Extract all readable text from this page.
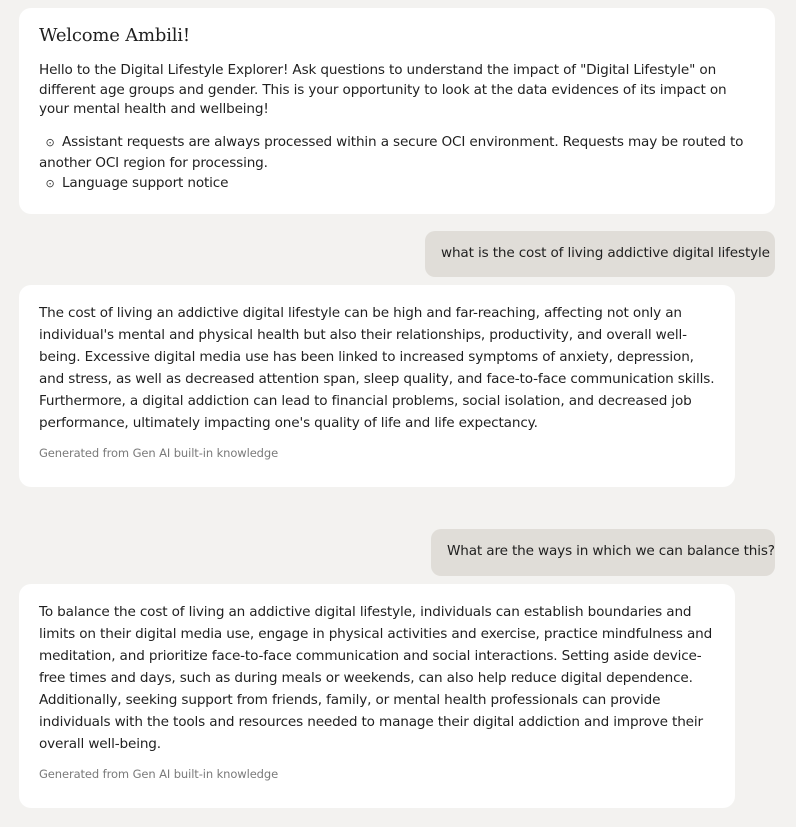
Welcome Ambili!

Hello to the Digital Lifestyle Explorer! Ask questions to understand the impact of "Digital Lifestyle" on different age groups and gender. This is your opportunity to look at the data evidences of its impact on your mental health and wellbeing!

⊙ Assistant requests are always processed within a secure OCI environment. Requests may be routed to another OCI region for processing.

⊙ Language support notice

what is the cost of living addictive digital lifestyle

The cost of living an addictive digital lifestyle can be high and far-reaching, affecting not only an individual's mental and physical health but also their relationships, productivity, and overall well-being. Excessive digital media use has been linked to increased symptoms of anxiety, depression, and stress, as well as decreased attention span, sleep quality, and face-to-face communication skills. Furthermore, a digital addiction can lead to financial problems, social isolation, and decreased job performance, ultimately impacting one's quality of life and life expectancy.

Generated from Gen AI built-in knowledge
What are the ways in which we can balance this?

To balance the cost of living an addictive digital lifestyle, individuals can establish boundaries and limits on their digital media use, engage in physical activities and exercise, practice mindfulness and meditation, and prioritize face-to-face communication and social interactions. Setting aside device-free times and days, such as during meals or weekends, can also help reduce digital dependence. Additionally, seeking support from friends, family, or mental health professionals can provide individuals with the tools and resources needed to manage their digital addiction and improve their overall well-being.

Generated from Gen AI built-in knowledge
